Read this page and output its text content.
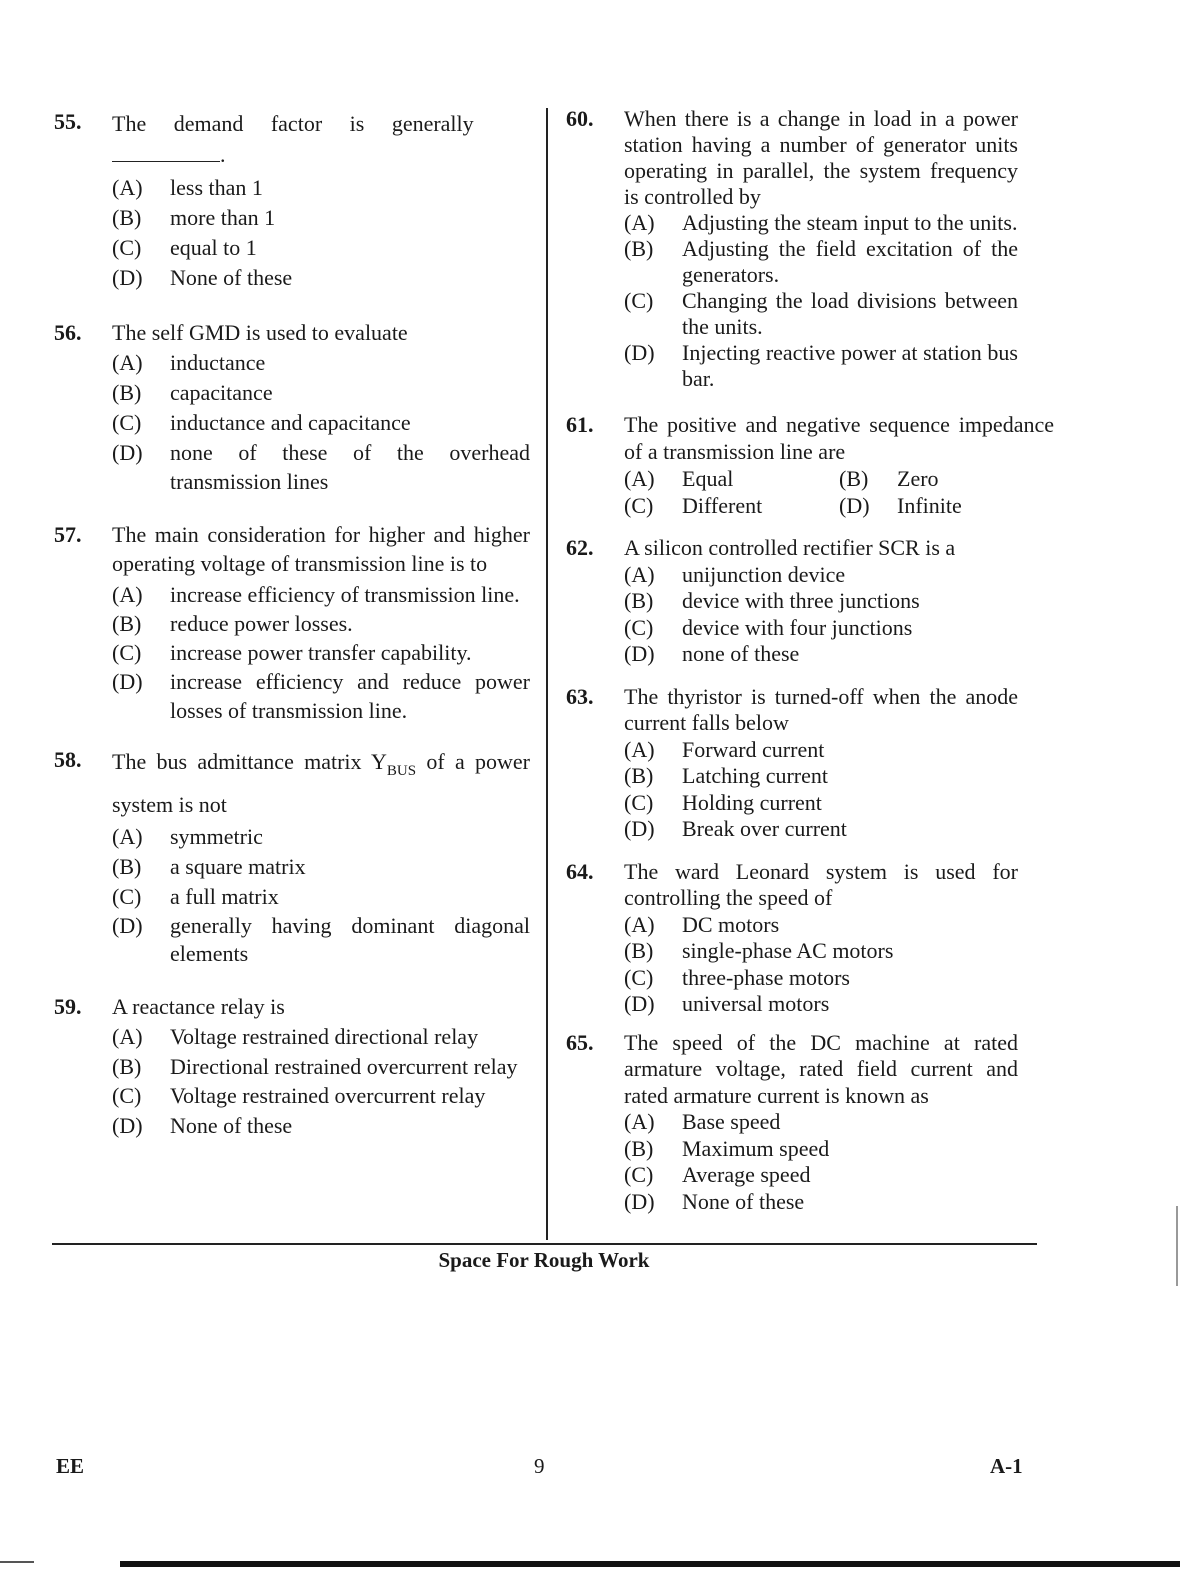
55.	The demand factor is generally
.
(A)	less than 1
(B)	more than 1
(C)	equal to 1
(D)	None of these
56.	The self GMD is used to evaluate
(A)	inductance
(B)	capacitance
(C)	inductance and capacitance
(D)	none of these of the overhead transmission lines
57.	The main consideration for higher and higher operating voltage of transmission line is to
(A)	increase efficiency of transmission line.
(B)	reduce power losses.
(C)	increase power transfer capability.
(D)	increase efficiency and reduce power losses of transmission line.
58.	The bus admittance matrix $Y_{BUS}$ of a power system is not
(A)	symmetric
(B)	a square matrix
(C)	a full matrix
(D)	generally having dominant diagonal elements
59.	A reactance relay is
(A)	Voltage restrained directional relay
(B)	Directional restrained overcurrent relay
(C)	Voltage restrained overcurrent relay
(D)	None of these
60.	When there is a change in load in a power station having a number of generator units operating in parallel, the system frequency is controlled by
(A)	Adjusting the steam input to the units.
(B)	Adjusting the field excitation of the generators.
(C)	Changing the load divisions between the units.
(D)	Injecting reactive power at station bus bar.
61.	The positive and negative sequence impedance of a transmission line are
(A)	Equal	(B)	Zero
(C)	Different	(D)	Infinite
62.	A silicon controlled rectifier SCR is a
(A)	unijunction device
(B)	device with three junctions
(C)	device with four junctions
(D)	none of these
63.	The thyristor is turned-off when the anode current falls below
(A)	Forward current
(B)	Latching current
(C)	Holding current
(D)	Break over current
64.	The ward Leonard system is used for controlling the speed of
(A)	DC motors
(B)	single-phase AC motors
(C)	three-phase motors
(D)	universal motors
65.	The speed of the DC machine at rated armature voltage, rated field current and rated armature current is known as
(A)	Base speed
(B)	Maximum speed
(C)	Average speed
(D)	None of these
Space For Rough Work
EE	9	A-1
